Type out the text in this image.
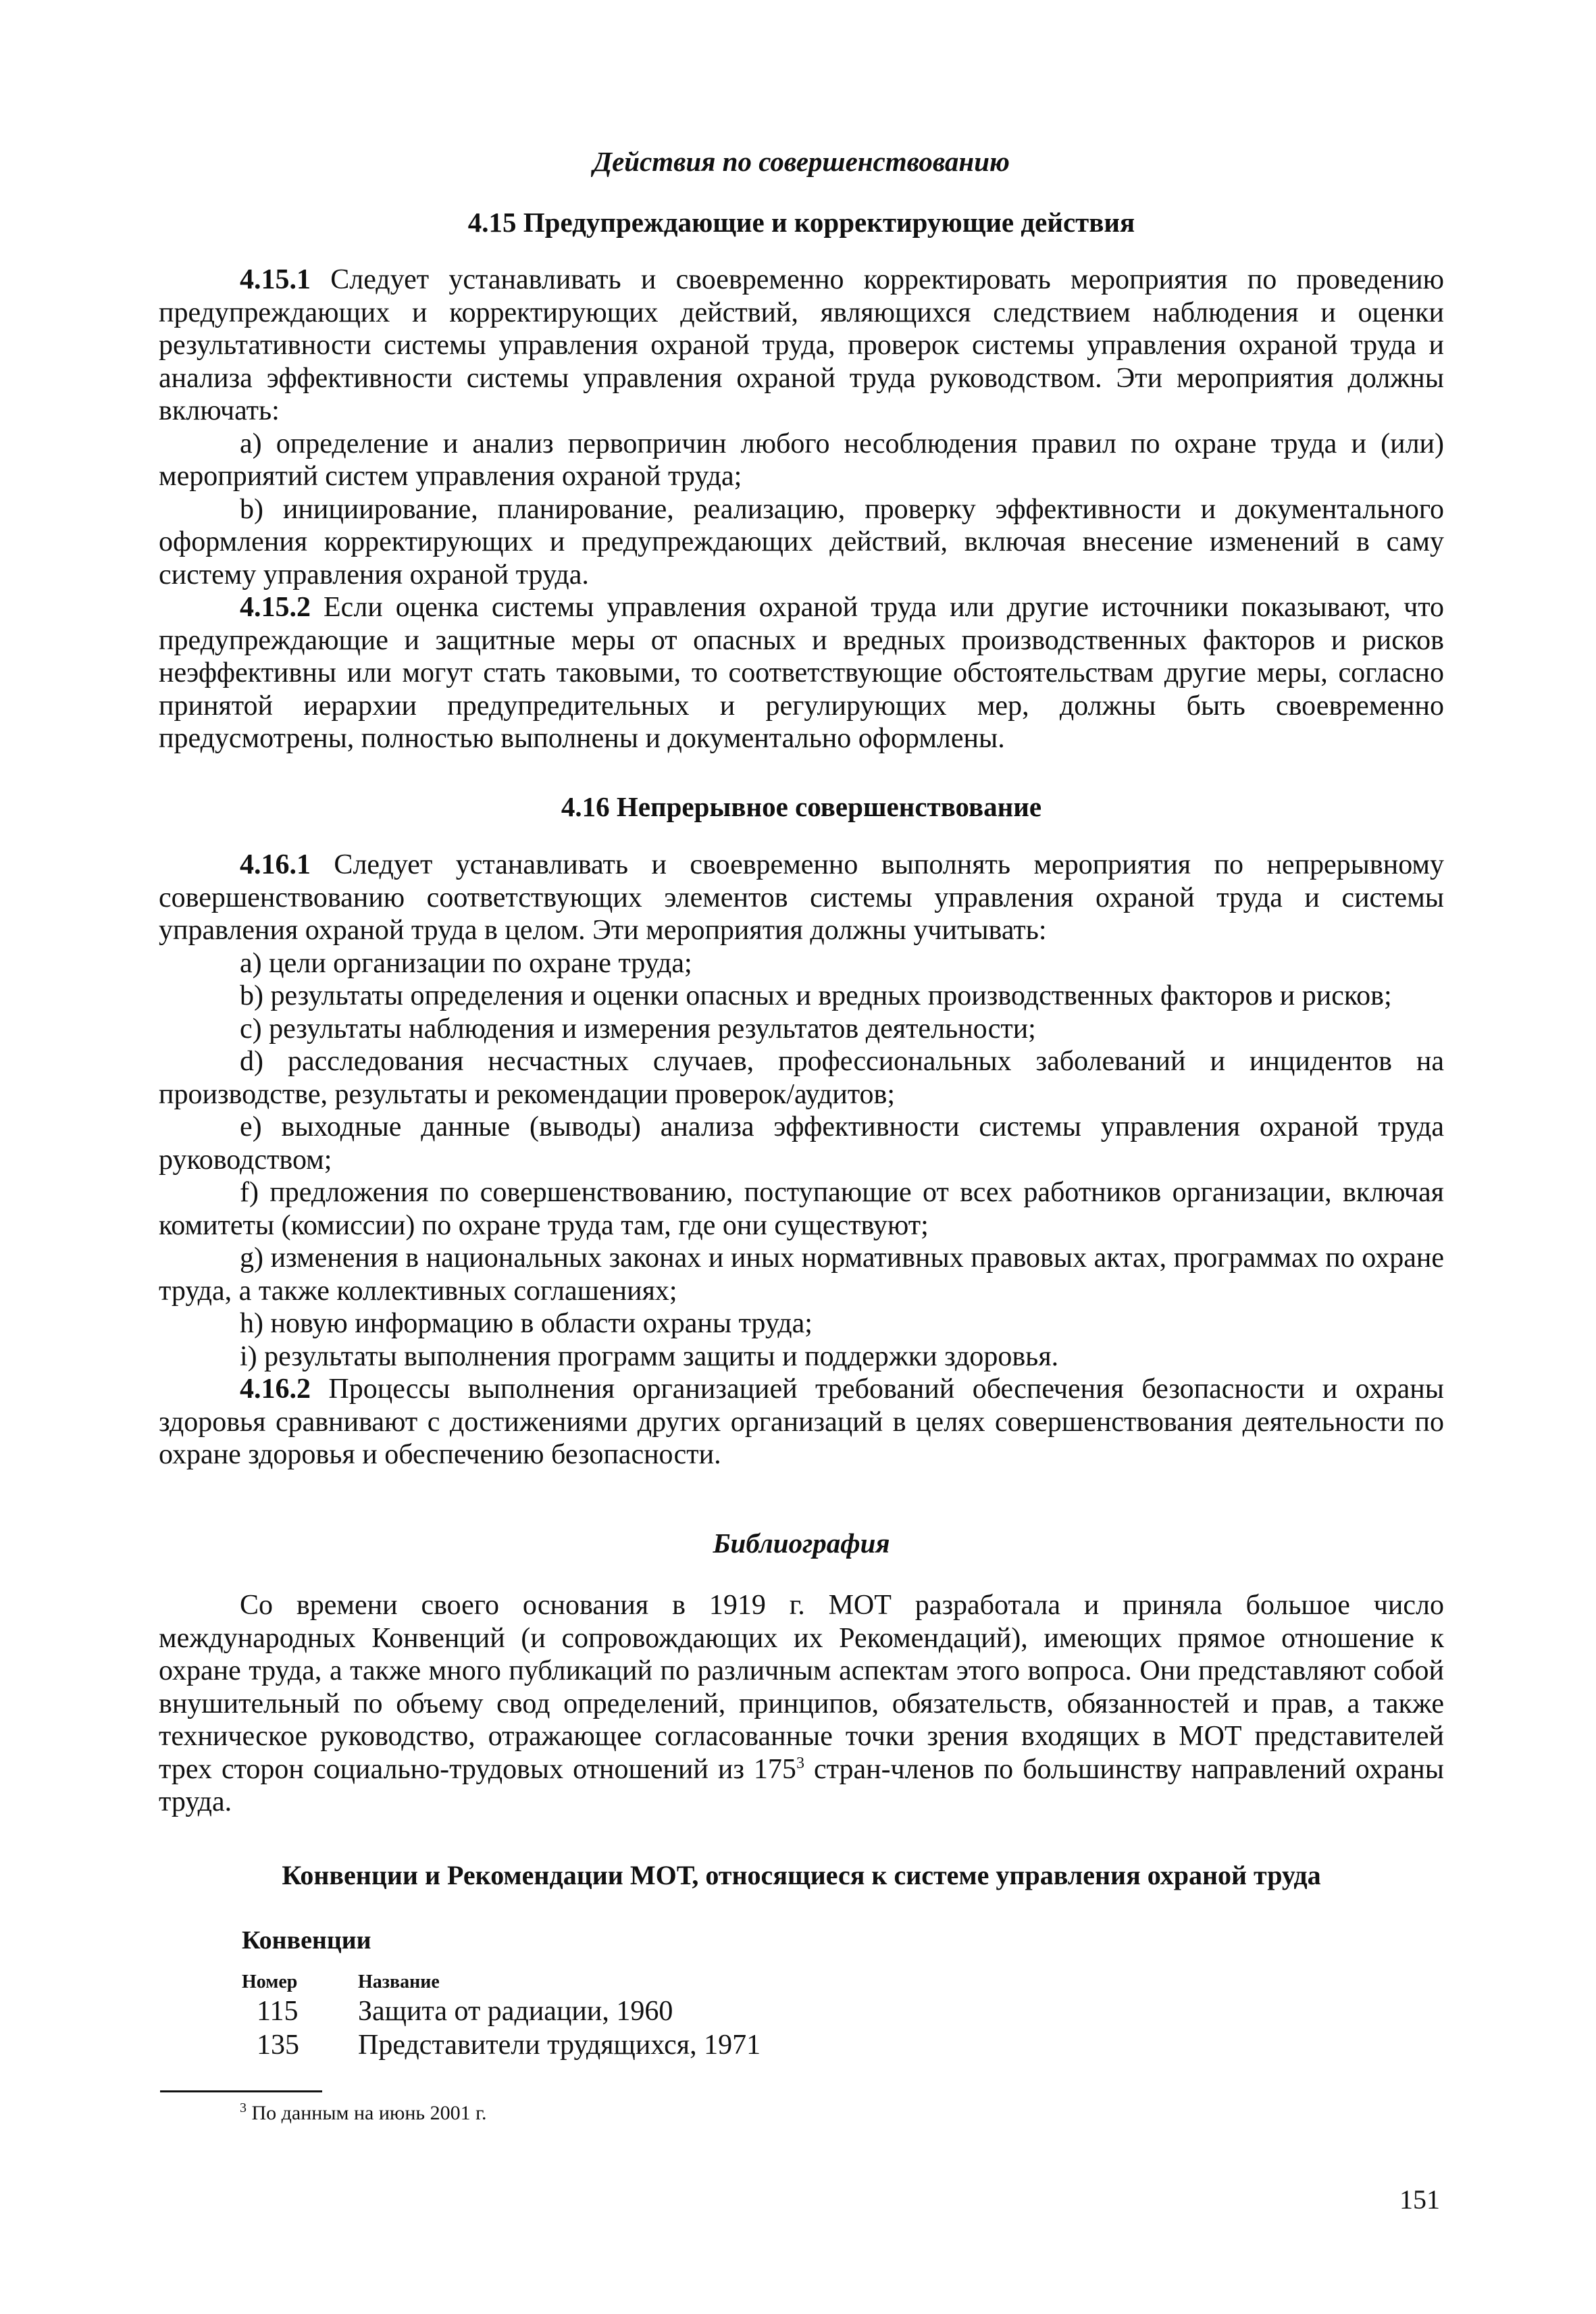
Действия по совершенствованию

4.15 Предупреждающие и корректирующие действия

4.15.1 Следует устанавливать и своевременно корректировать мероприятия по проведению предупреждающих и корректирующих действий, являющихся следствием наблюдения и оценки результативности системы управления охраной труда, проверок системы управления охраной труда и анализа эффективности системы управления охраной труда руководством. Эти мероприятия должны включать:

a) определение и анализ первопричин любого несоблюдения правил по охране труда и (или) мероприятий систем управления охраной труда;

b) инициирование, планирование, реализацию, проверку эффективности и документального оформления корректирующих и предупреждающих действий, включая внесение изменений в саму систему управления охраной труда.

4.15.2 Если оценка системы управления охраной труда или другие источники показывают, что предупреждающие и защитные меры от опасных и вредных производственных факторов и рисков неэффективны или могут стать таковыми, то соответствующие обстоятельствам другие меры, согласно принятой иерархии предупредительных и регулирующих мер, должны быть своевременно предусмотрены, полностью выполнены и документально оформлены.

4.16 Непрерывное совершенствование

4.16.1 Следует устанавливать и своевременно выполнять мероприятия по непрерывному совершенствованию соответствующих элементов системы управления охраной труда и системы управления охраной труда в целом. Эти мероприятия должны учитывать:

a) цели организации по охране труда;

b) результаты определения и оценки опасных и вредных производственных факторов и рисков;

c) результаты наблюдения и измерения результатов деятельности;

d) расследования несчастных случаев, профессиональных заболеваний и инцидентов на производстве, результаты и рекомендации проверок/аудитов;

e) выходные данные (выводы) анализа эффективности системы управления охраной труда руководством;

f) предложения по совершенствованию, поступающие от всех работников организации, включая комитеты (комиссии) по охране труда там, где они существуют;

g) изменения в национальных законах и иных нормативных правовых актах, программах по охране труда, а также коллективных соглашениях;

h) новую информацию в области охраны труда;

i) результаты выполнения программ защиты и поддержки здоровья.

4.16.2 Процессы выполнения организацией требований обеспечения безопасности и охраны здоровья сравнивают с достижениями других организаций в целях совершенствования деятельности по охране здоровья и обеспечению безопасности.

Библиография

Со времени своего основания в 1919 г. МОТ разработала и приняла большое число международных Конвенций (и сопровождающих их Рекомендаций), имеющих прямое отношение к охране труда, а также много публикаций по различным аспектам этого вопроса. Они представляют собой внушительный по объему свод определений, принципов, обязательств, обязанностей и прав, а также техническое руководство, отражающее согласованные точки зрения входящих в МОТ представителей трех сторон социально-трудовых отношений из $175^3$ стран-членов по большинству направлений охраны труда.

Конвенции и Рекомендации МОТ, относящиеся к системе управления охраной труда

Конвенции

Номер	Название
115	Защита от радиации, 1960
135	Представители трудящихся, 1971
$^3$ По данным на июнь 2001 г.
151
